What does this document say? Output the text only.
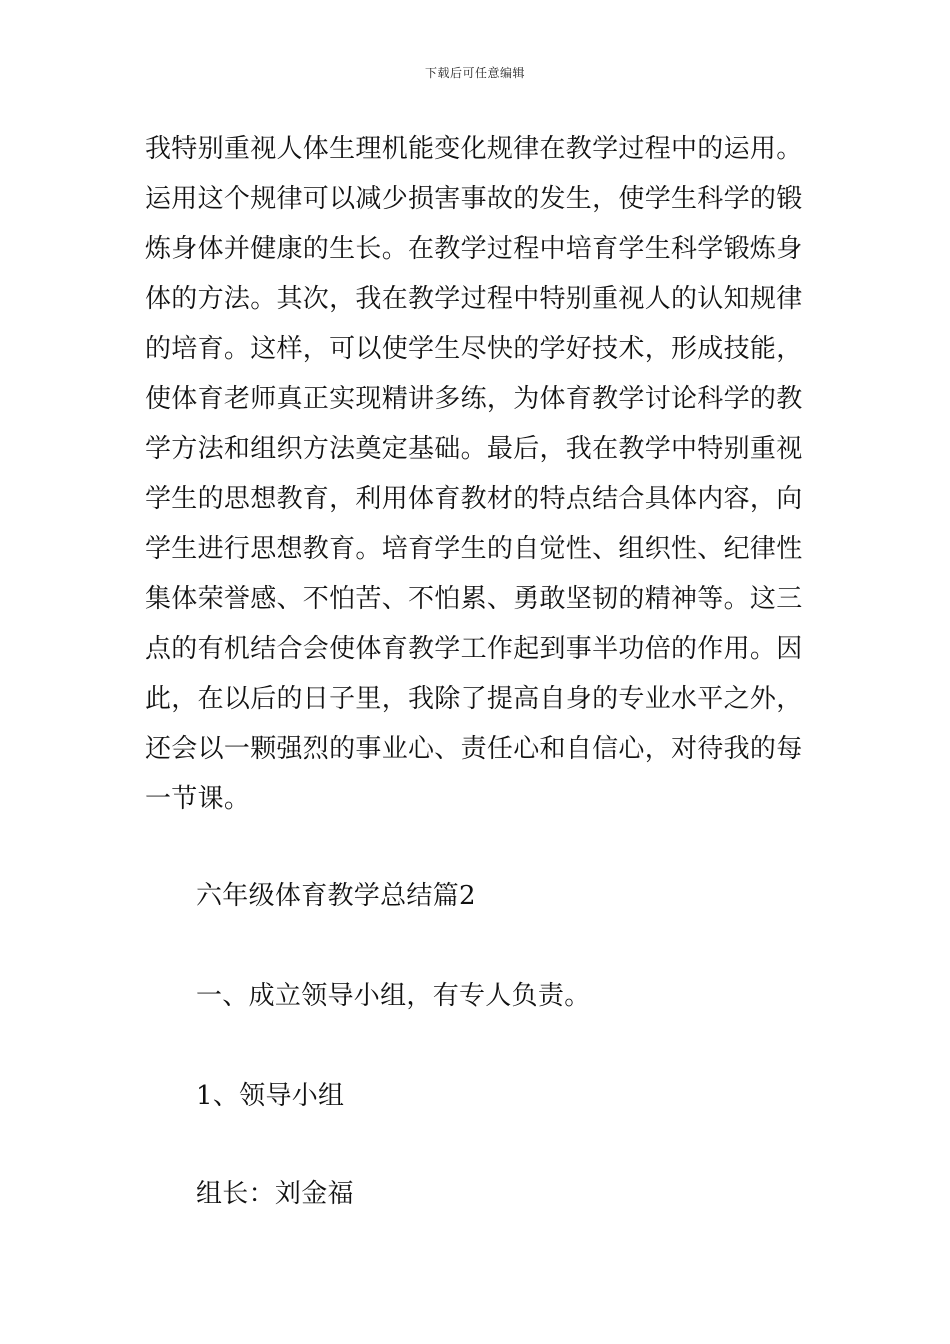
下载后可任意编辑
我特别重视人体生理机能变化规律在教学过程中的运用。
运用这个规律可以减少损害事故的发生，使学生科学的锻
炼身体并健康的生长。在教学过程中培育学生科学锻炼身
体的方法。其次，我在教学过程中特别重视人的认知规律
的培育。这样，可以使学生尽快的学好技术，形成技能，
使体育老师真正实现精讲多练，为体育教学讨论科学的教
学方法和组织方法奠定基础。最后，我在教学中特别重视
学生的思想教育，利用体育教材的特点结合具体内容，向
学生进行思想教育。培育学生的自觉性、组织性、纪律性
集体荣誉感、不怕苦、不怕累、勇敢坚韧的精神等。这三
点的有机结合会使体育教学工作起到事半功倍的作用。因
此，在以后的日子里，我除了提高自身的专业水平之外，
还会以一颗强烈的事业心、责任心和自信心，对待我的每
一节课。
六年级体育教学总结篇2
一、成立领导小组，有专人负责。
1、领导小组
组长：刘金福
